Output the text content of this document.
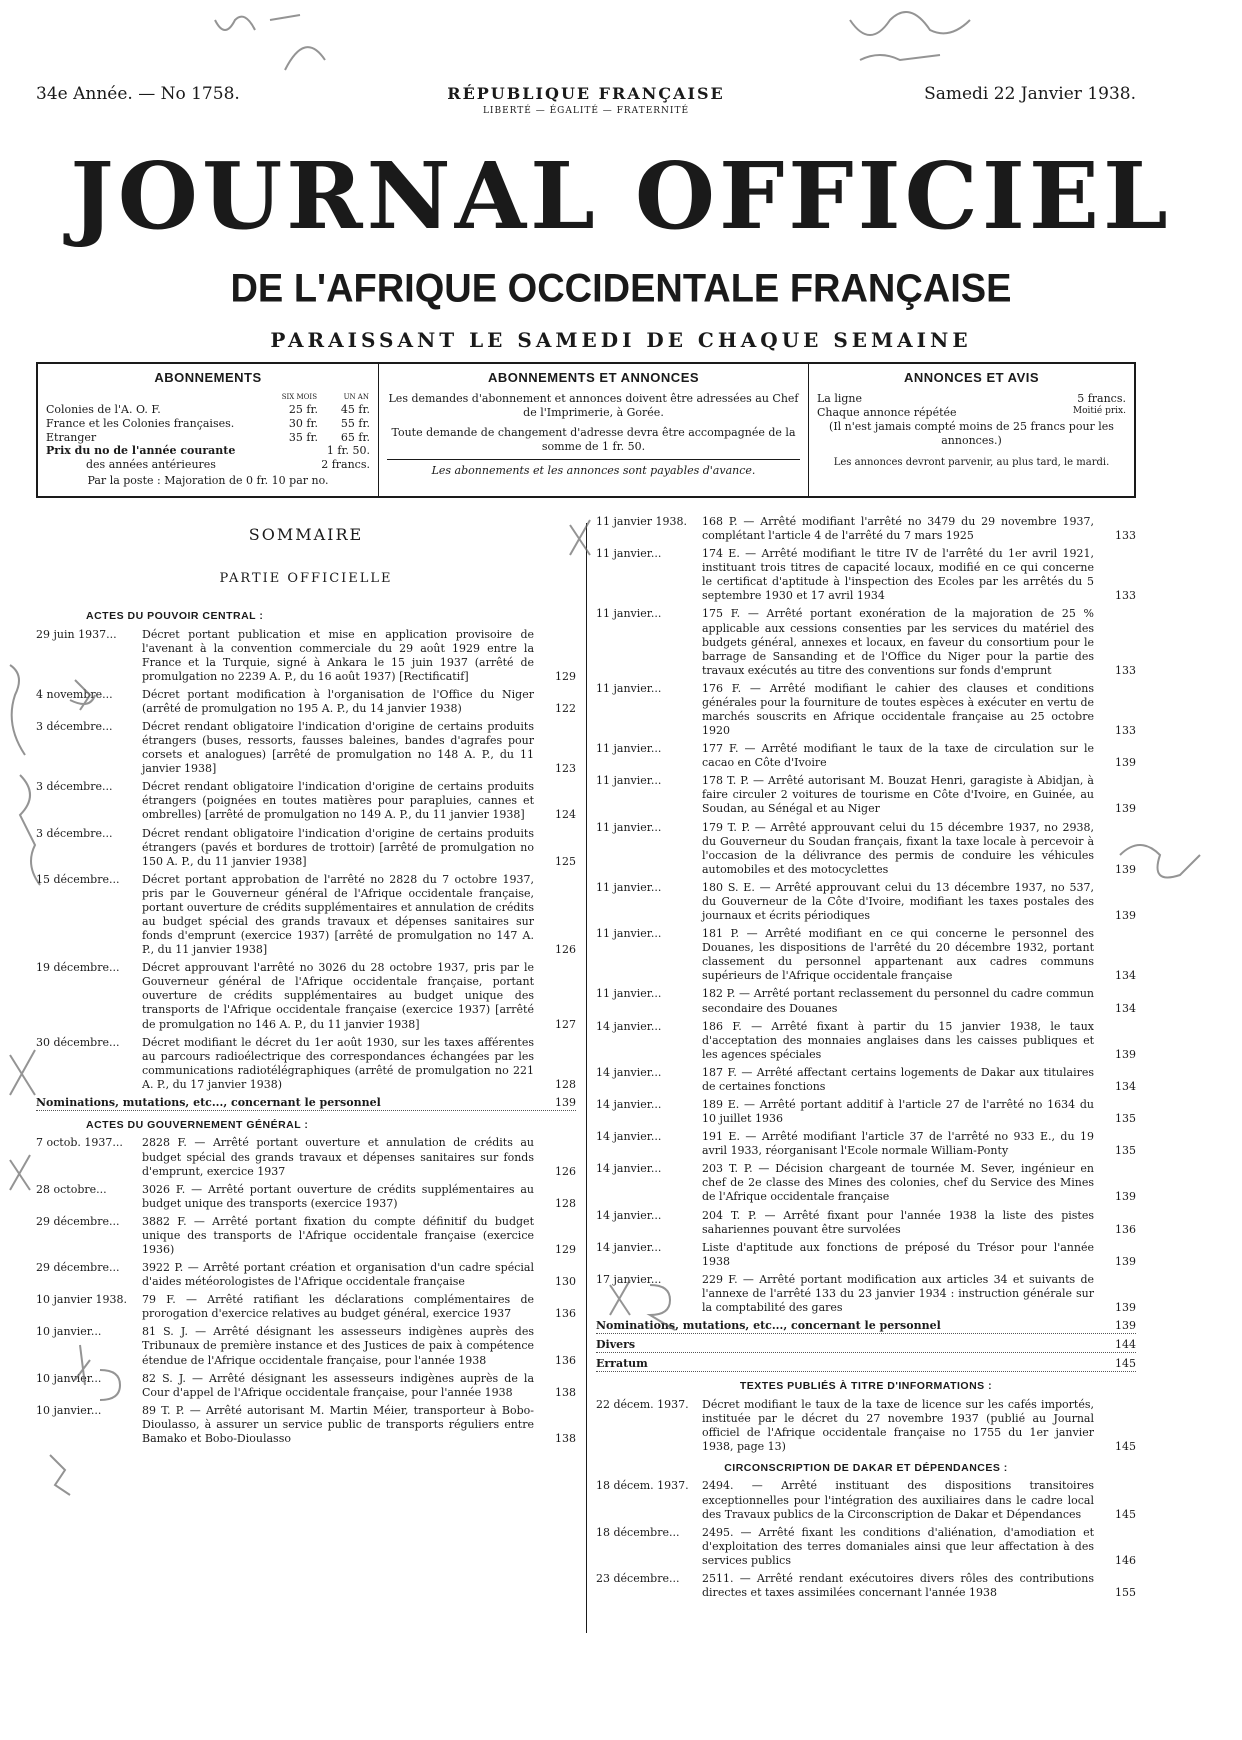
34e Année. — No 1758.	RÉPUBLIQUE FRANÇAISE
LIBERTÉ — ÉGALITÉ — FRATERNITÉ
Samedi 22 Janvier 1938.
JOURNAL OFFICIEL
DE L'AFRIQUE OCCIDENTALE FRANÇAISE
PARAISSANT LE SAMEDI DE CHAQUE SEMAINE
ABONNEMENTS
	SIX MOIS	UN AN
Colonies de l'A. O. F.	25 fr.	45 fr.
France et les Colonies françaises.	30 fr.	55 fr.
Etranger	35 fr.	65 fr.
Prix du no de l'année courante		1 fr. 50.
des années antérieures		2 francs.
Par la poste : Majoration de 0 fr. 10 par no.
ABONNEMENTS ET ANNONCES

Les demandes d'abonnement et annonces doivent être adressées au Chef de l'Imprimerie, à Gorée.

Toute demande de changement d'adresse devra être accompagnée de la somme de 1 fr. 50.

Les abonnements et les annonces sont payables d'avance.

ANNONCES ET AVIS
La ligne	5 francs.
Chaque annonce répétée	Moitié prix.
(Il n'est jamais compté moins de 25 francs pour les annonces.)
Les annonces devront parvenir, au plus tard, le mardi.
SOMMAIRE
PARTIE OFFICIELLE
ACTES DU POUVOIR CENTRAL :
29 juin 1937...	Décret portant publication et mise en application provisoire de l'avenant à la convention commerciale du 29 août 1929 entre la France et la Turquie, signé à Ankara le 15 juin 1937 (arrêté de promulgation no 2239 A. P., du 16 août 1937) [Rectificatif]	129
4 novembre...	Décret portant modification à l'organisation de l'Office du Niger (arrêté de promulgation no 195 A. P., du 14 janvier 1938)	122
3 décembre...	Décret rendant obligatoire l'indication d'origine de certains produits étrangers (buses, ressorts, fausses baleines, bandes d'agrafes pour corsets et analogues) [arrêté de promulgation no 148 A. P., du 11 janvier 1938]	123
3 décembre...	Décret rendant obligatoire l'indication d'origine de certains produits étrangers (poignées en toutes matières pour parapluies, cannes et ombrelles) [arrêté de promulgation no 149 A. P., du 11 janvier 1938]	124
3 décembre...	Décret rendant obligatoire l'indication d'origine de certains produits étrangers (pavés et bordures de trottoir) [arrêté de promulgation no 150 A. P., du 11 janvier 1938]	125
15 décembre...	Décret portant approbation de l'arrêté no 2828 du 7 octobre 1937, pris par le Gouverneur général de l'Afrique occidentale française, portant ouverture de crédits supplémentaires et annulation de crédits au budget spécial des grands travaux et dépenses sanitaires sur fonds d'emprunt (exercice 1937) [arrêté de promulgation no 147 A. P., du 11 janvier 1938]	126
19 décembre...	Décret approuvant l'arrêté no 3026 du 28 octobre 1937, pris par le Gouverneur général de l'Afrique occidentale française, portant ouverture de crédits supplémentaires au budget unique des transports de l'Afrique occidentale française (exercice 1937) [arrêté de promulgation no 146 A. P., du 11 janvier 1938]	127
30 décembre...	Décret modifiant le décret du 1er août 1930, sur les taxes afférentes au parcours radioélectrique des correspondances échangées par les communications radiotélégraphiques (arrêté de promulgation no 221 A. P., du 17 janvier 1938)	128
Nominations, mutations, etc..., concernant le personnel	139
ACTES DU GOUVERNEMENT GÉNÉRAL :
7 octob. 1937...	2828 F. — Arrêté portant ouverture et annulation de crédits au budget spécial des grands travaux et dépenses sanitaires sur fonds d'emprunt, exercice 1937	126
28 octobre...	3026 F. — Arrêté portant ouverture de crédits supplémentaires au budget unique des transports (exercice 1937)	128
29 décembre...	3882 F. — Arrêté portant fixation du compte définitif du budget unique des transports de l'Afrique occidentale française (exercice 1936)	129
29 décembre...	3922 P. — Arrêté portant création et organisation d'un cadre spécial d'aides météorologistes de l'Afrique occidentale française	130
10 janvier 1938.	79 F. — Arrêté ratifiant les déclarations complémentaires de prorogation d'exercice relatives au budget général, exercice 1937	136
10 janvier...	81 S. J. — Arrêté désignant les assesseurs indigènes auprès des Tribunaux de première instance et des Justices de paix à compétence étendue de l'Afrique occidentale française, pour l'année 1938	136
10 janvier...	82 S. J. — Arrêté désignant les assesseurs indigènes auprès de la Cour d'appel de l'Afrique occidentale française, pour l'année 1938	138
10 janvier...	89 T. P. — Arrêté autorisant M. Martin Méier, transporteur à Bobo-Dioulasso, à assurer un service public de transports réguliers entre Bamako et Bobo-Dioulasso	138
11 janvier 1938.	168 P. — Arrêté modifiant l'arrêté no 3479 du 29 novembre 1937, complétant l'article 4 de l'arrêté du 7 mars 1925	133
11 janvier...	174 E. — Arrêté modifiant le titre IV de l'arrêté du 1er avril 1921, instituant trois titres de capacité locaux, modifié en ce qui concerne le certificat d'aptitude à l'inspection des Ecoles par les arrêtés du 5 septembre 1930 et 17 avril 1934	133
11 janvier...	175 F. — Arrêté portant exonération de la majoration de 25 % applicable aux cessions consenties par les services du matériel des budgets général, annexes et locaux, en faveur du consortium pour le barrage de Sansanding et de l'Office du Niger pour la partie des travaux exécutés au titre des conventions sur fonds d'emprunt	133
11 janvier...	176 F. — Arrêté modifiant le cahier des clauses et conditions générales pour la fourniture de toutes espèces à exécuter en vertu de marchés souscrits en Afrique occidentale française au 25 octobre 1920	133
11 janvier...	177 F. — Arrêté modifiant le taux de la taxe de circulation sur le cacao en Côte d'Ivoire	139
11 janvier...	178 T. P. — Arrêté autorisant M. Bouzat Henri, garagiste à Abidjan, à faire circuler 2 voitures de tourisme en Côte d'Ivoire, en Guinée, au Soudan, au Sénégal et au Niger	139
11 janvier...	179 T. P. — Arrêté approuvant celui du 15 décembre 1937, no 2938, du Gouverneur du Soudan français, fixant la taxe locale à percevoir à l'occasion de la délivrance des permis de conduire les véhicules automobiles et des motocyclettes	139
11 janvier...	180 S. E. — Arrêté approuvant celui du 13 décembre 1937, no 537, du Gouverneur de la Côte d'Ivoire, modifiant les taxes postales des journaux et écrits périodiques	139
11 janvier...	181 P. — Arrêté modifiant en ce qui concerne le personnel des Douanes, les dispositions de l'arrêté du 20 décembre 1932, portant classement du personnel appartenant aux cadres communs supérieurs de l'Afrique occidentale française	134
11 janvier...	182 P. — Arrêté portant reclassement du personnel du cadre commun secondaire des Douanes	134
14 janvier...	186 F. — Arrêté fixant à partir du 15 janvier 1938, le taux d'acceptation des monnaies anglaises dans les caisses publiques et les agences spéciales	139
14 janvier...	187 F. — Arrêté affectant certains logements de Dakar aux titulaires de certaines fonctions	134
14 janvier...	189 E. — Arrêté portant additif à l'article 27 de l'arrêté no 1634 du 10 juillet 1936	135
14 janvier...	191 E. — Arrêté modifiant l'article 37 de l'arrêté no 933 E., du 19 avril 1933, réorganisant l'Ecole normale William-Ponty	135
14 janvier...	203 T. P. — Décision chargeant de tournée M. Sever, ingénieur en chef de 2e classe des Mines des colonies, chef du Service des Mines de l'Afrique occidentale française	139
14 janvier...	204 T. P. — Arrêté fixant pour l'année 1938 la liste des pistes sahariennes pouvant être survolées	136
14 janvier...	Liste d'aptitude aux fonctions de préposé du Trésor pour l'année 1938	139
17 janvier...	229 F. — Arrêté portant modification aux articles 34 et suivants de l'annexe de l'arrêté 133 du 23 janvier 1934 : instruction générale sur la comptabilité des gares	139
Nominations, mutations, etc..., concernant le personnel	139
Divers	144
Erratum	145
TEXTES PUBLIÉS À TITRE D'INFORMATIONS :
22 décem. 1937.	Décret modifiant le taux de la taxe de licence sur les cafés importés, instituée par le décret du 27 novembre 1937 (publié au Journal officiel de l'Afrique occidentale française no 1755 du 1er janvier 1938, page 13)	145
CIRCONSCRIPTION DE DAKAR ET DÉPENDANCES :
18 décem. 1937.	2494. — Arrêté instituant des dispositions transitoires exceptionnelles pour l'intégration des auxiliaires dans le cadre local des Travaux publics de la Circonscription de Dakar et Dépendances	145
18 décembre...	2495. — Arrêté fixant les conditions d'aliénation, d'amodiation et d'exploitation des terres domaniales ainsi que leur affectation à des services publics	146
23 décembre...	2511. — Arrêté rendant exécutoires divers rôles des contributions directes et taxes assimilées concernant l'année 1938	155
